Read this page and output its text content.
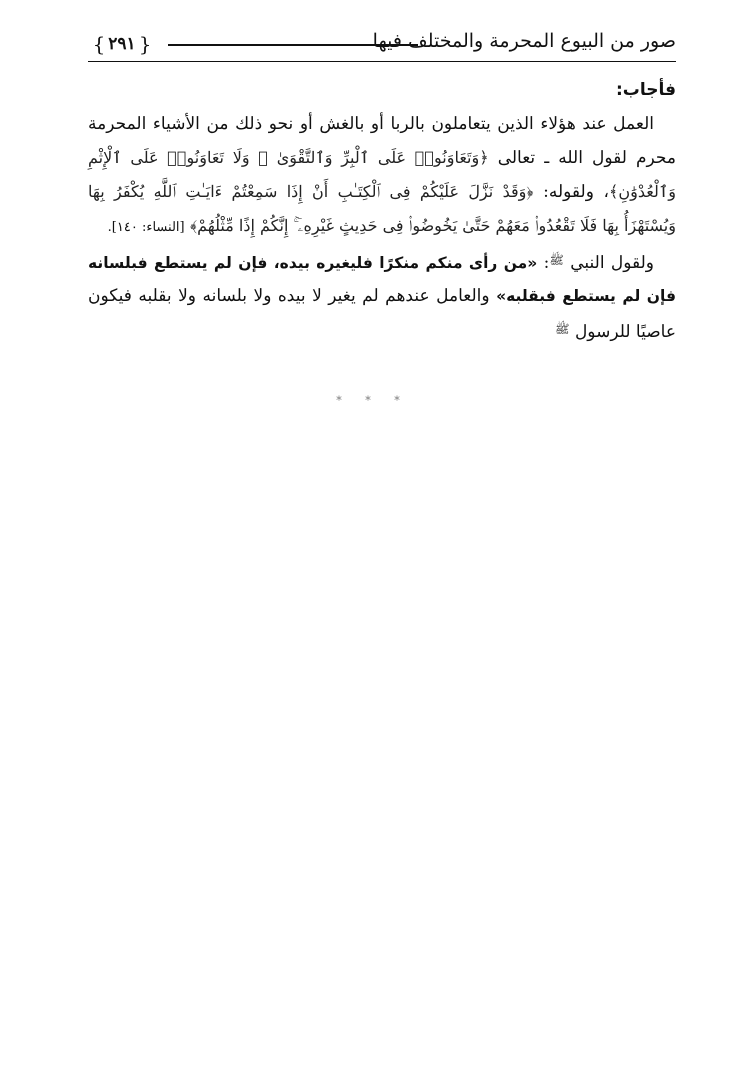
صور من البيوع المحرمة والمختلف فيها
{ ٢٩١ }
فأجاب:

العمل عند هؤلاء الذين يتعاملون بالربا أو بالغش أو نحو ذلك من الأشياء المحرمة محرم لقول الله ـ تعالى ﴿وَتَعَاوَنُوا۟ عَلَى ٱلْبِرِّ وَٱلتَّقْوَىٰ ۖ وَلَا تَعَاوَنُوا۟ عَلَى ٱلْإِثْمِ وَٱلْعُدْوَٰنِ﴾، ولقوله: ﴿وَقَدْ نَزَّلَ عَلَيْكُمْ فِى ٱلْكِتَـٰبِ أَنْ إِذَا سَمِعْتُمْ ءَايَـٰتِ ٱللَّهِ يُكْفَرُ بِهَا وَيُسْتَهْزَأُ بِهَا فَلَا تَقْعُدُوا۟ مَعَهُمْ حَتَّىٰ يَخُوضُوا۟ فِى حَدِيثٍ غَيْرِهِۦٓ ۚ إِنَّكُمْ إِذًا مِّثْلُهُمْ﴾ [النساء: ١٤٠].

ولقول النبي $^ﷺ$: «من رأى منكم منكرًا فليغيره بيده، فإن لم يستطع فبلسانه فإن لم يستطع فبقلبه» والعامل عندهم لم يغير لا بيده ولا بلسانه ولا بقلبه فيكون عاصيًا للرسول $^ﷺ$

* * *
